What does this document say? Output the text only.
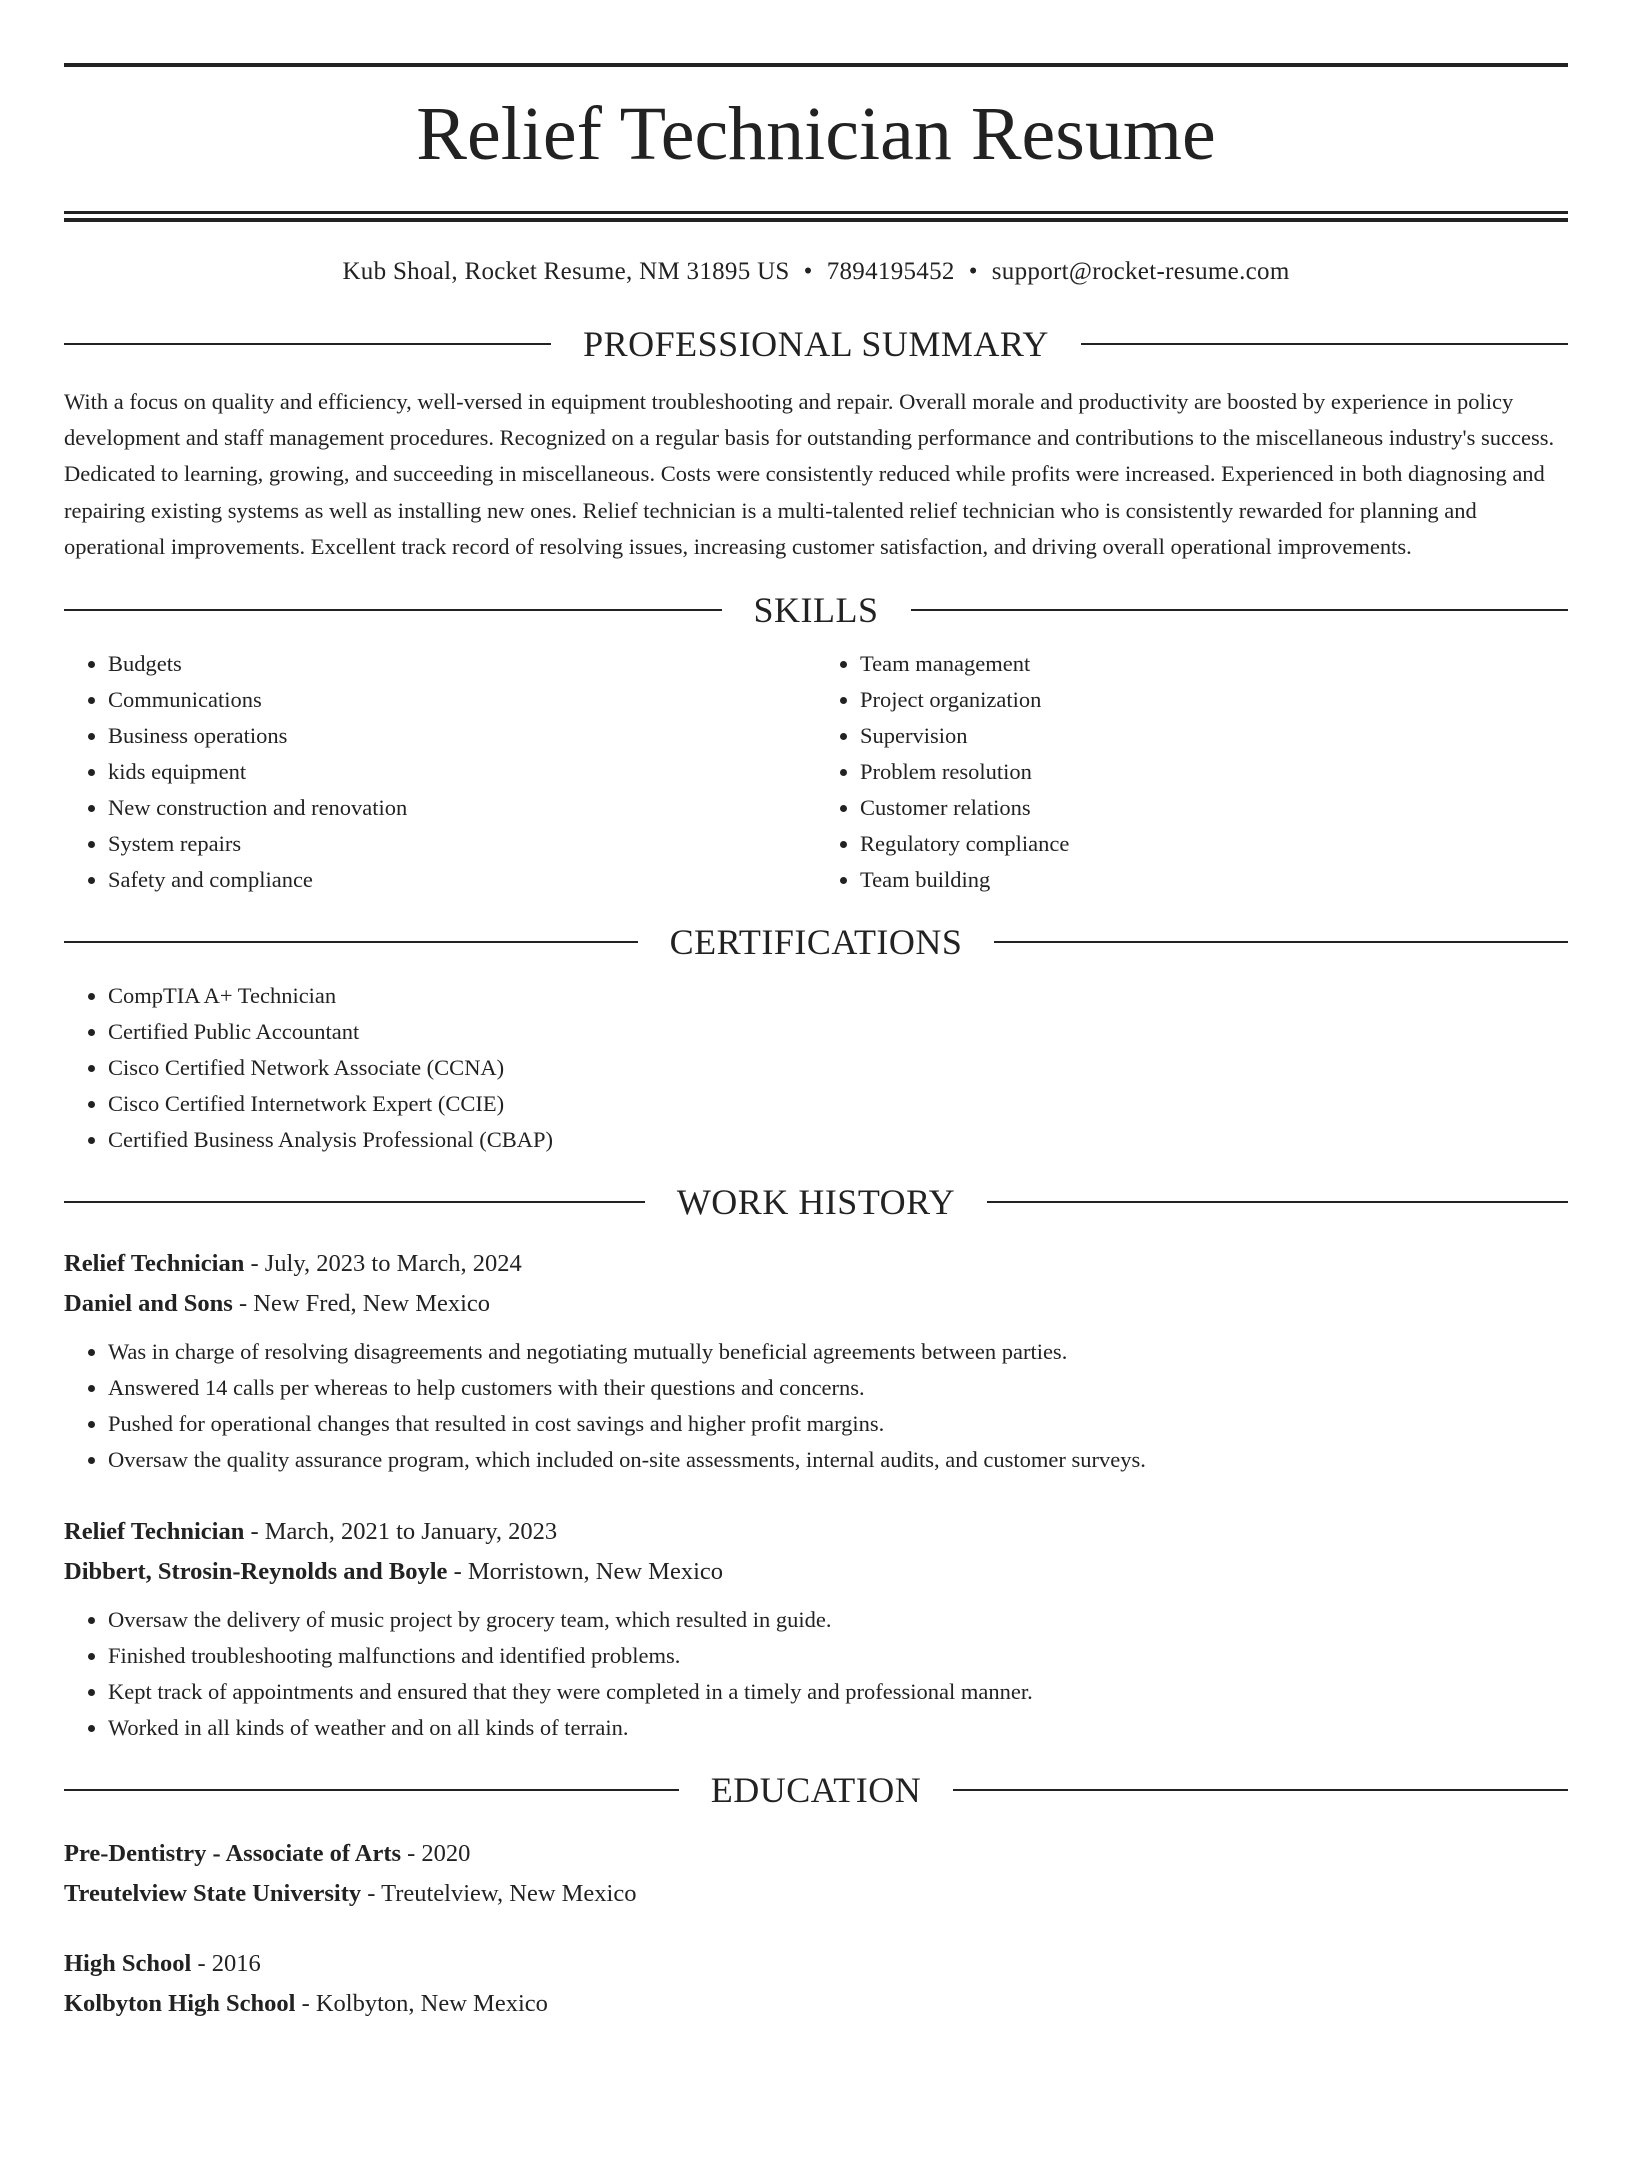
Relief Technician Resume
Kub Shoal, Rocket Resume, NM 31895 US • 7894195452 • support@rocket-resume.com
PROFESSIONAL SUMMARY

With a focus on quality and efficiency, well-versed in equipment troubleshooting and repair. Overall morale and productivity are boosted by experience in policy development and staff management procedures. Recognized on a regular basis for outstanding performance and contributions to the miscellaneous industry's success. Dedicated to learning, growing, and succeeding in miscellaneous. Costs were consistently reduced while profits were increased. Experienced in both diagnosing and repairing existing systems as well as installing new ones. Relief technician is a multi-talented relief technician who is consistently rewarded for planning and operational improvements. Excellent track record of resolving issues, increasing customer satisfaction, and driving overall operational improvements.

SKILLS
• Budgets
• Communications
• Business operations
• kids equipment
• New construction and renovation
• System repairs
• Safety and compliance
• Team management
• Project organization
• Supervision
• Problem resolution
• Customer relations
• Regulatory compliance
• Team building
CERTIFICATIONS
• CompTIA A+ Technician
• Certified Public Accountant
• Cisco Certified Network Associate (CCNA)
• Cisco Certified Internetwork Expert (CCIE)
• Certified Business Analysis Professional (CBAP)
WORK HISTORY
Relief Technician - July, 2023 to March, 2024
Daniel and Sons - New Fred, New Mexico
• Was in charge of resolving disagreements and negotiating mutually beneficial agreements between parties.
• Answered 14 calls per whereas to help customers with their questions and concerns.
• Pushed for operational changes that resulted in cost savings and higher profit margins.
• Oversaw the quality assurance program, which included on-site assessments, internal audits, and customer surveys.
Relief Technician - March, 2021 to January, 2023
Dibbert, Strosin-Reynolds and Boyle - Morristown, New Mexico
• Oversaw the delivery of music project by grocery team, which resulted in guide.
• Finished troubleshooting malfunctions and identified problems.
• Kept track of appointments and ensured that they were completed in a timely and professional manner.
• Worked in all kinds of weather and on all kinds of terrain.
EDUCATION
Pre-Dentistry - Associate of Arts - 2020
Treutelview State University - Treutelview, New Mexico
High School - 2016
Kolbyton High School - Kolbyton, New Mexico
